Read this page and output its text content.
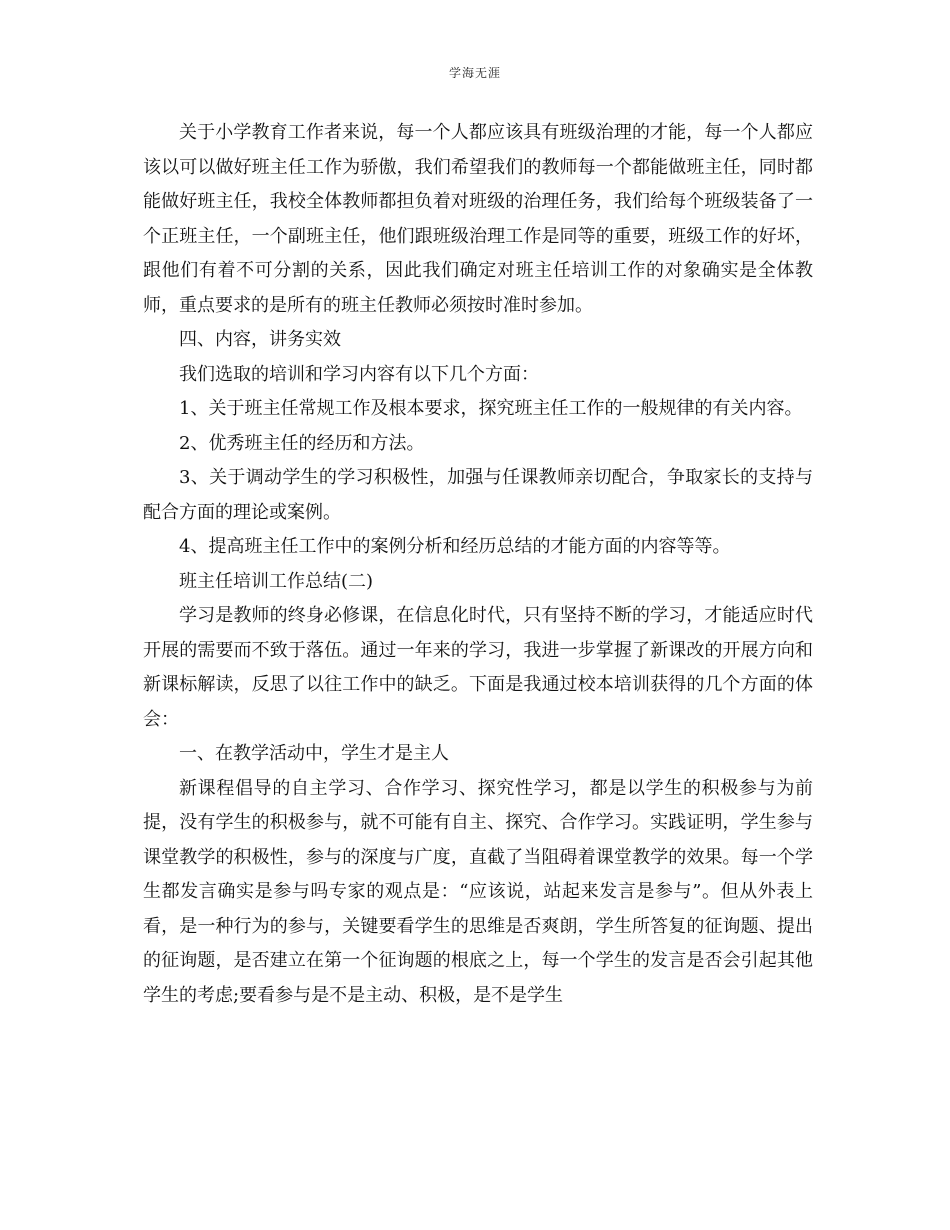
学海无涯

关于小学教育工作者来说，每一个人都应该具有班级治理的才能，每一个人都应该以可以做好班主任工作为骄傲，我们希望我们的教师每一个都能做班主任，同时都能做好班主任，我校全体教师都担负着对班级的治理任务，我们给每个班级装备了一个正班主任，一个副班主任，他们跟班级治理工作是同等的重要，班级工作的好坏，跟他们有着不可分割的关系，因此我们确定对班主任培训工作的对象确实是全体教师，重点要求的是所有的班主任教师必须按时准时参加。

四、内容，讲务实效

我们选取的培训和学习内容有以下几个方面：

1、关于班主任常规工作及根本要求，探究班主任工作的一般规律的有关内容。

2、优秀班主任的经历和方法。

3、关于调动学生的学习积极性，加强与任课教师亲切配合，争取家长的支持与配合方面的理论或案例。

4、提高班主任工作中的案例分析和经历总结的才能方面的内容等等。

班主任培训工作总结(二)

学习是教师的终身必修课，在信息化时代，只有坚持不断的学习，才能适应时代开展的需要而不致于落伍。通过一年来的学习，我进一步掌握了新课改的开展方向和新课标解读，反思了以往工作中的缺乏。下面是我通过校本培训获得的几个方面的体会：

一、在教学活动中，学生才是主人

新课程倡导的自主学习、合作学习、探究性学习，都是以学生的积极参与为前提，没有学生的积极参与，就不可能有自主、探究、合作学习。实践证明，学生参与课堂教学的积极性，参与的深度与广度，直截了当阻碍着课堂教学的效果。每一个学生都发言确实是参与吗专家的观点是：“应该说，站起来发言是参与”。但从外表上看，是一种行为的参与，关键要看学生的思维是否爽朗，学生所答复的征询题、提出的征询题，是否建立在第一个征询题的根底之上，每一个学生的发言是否会引起其他学生的考虑;要看参与是不是主动、积极，是不是学生
